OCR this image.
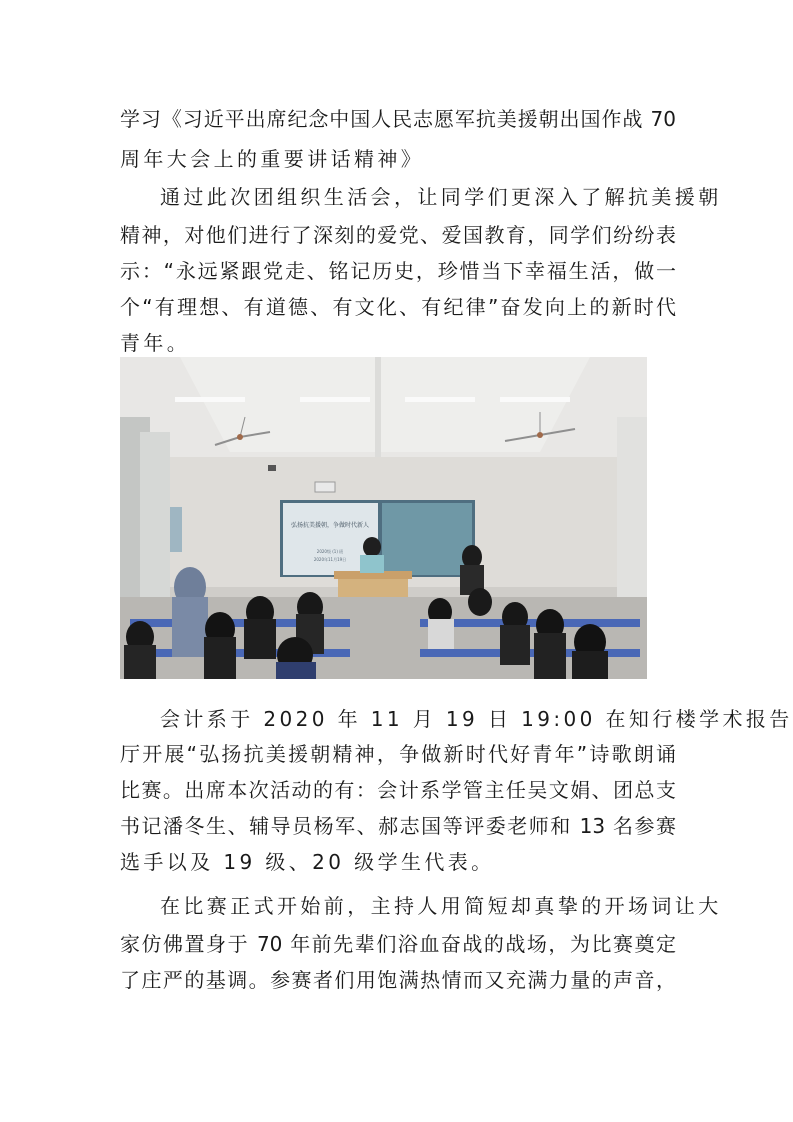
学习《习近平出席纪念中国人民志愿军抗美援朝出国作战 70
周年大会上的重要讲话精神》
通过此次团组织生活会，让同学们更深入了解抗美援朝
精神，对他们进行了深刻的爱党、爱国教育，同学们纷纷表
示：“永远紧跟党走、铭记历史，珍惜当下幸福生活，做一
个“有理想、有道德、有文化、有纪律”奋发向上的新时代
青年。
弘扬抗美援朝，争做时代新人
2020级 (1) 班
2020年11月19日
会计系于 2020 年 11 月 19 日 19:00 在知行楼学术报告
厅开展“弘扬抗美援朝精神，争做新时代好青年”诗歌朗诵
比赛。出席本次活动的有：会计系学管主任吴文娟、团总支
书记潘冬生、辅导员杨军、郝志国等评委老师和 13 名参赛
选手以及 19 级、20 级学生代表。
在比赛正式开始前，主持人用简短却真挚的开场词让大
家仿佛置身于 70 年前先辈们浴血奋战的战场，为比赛奠定
了庄严的基调。参赛者们用饱满热情而又充满力量的声音，
